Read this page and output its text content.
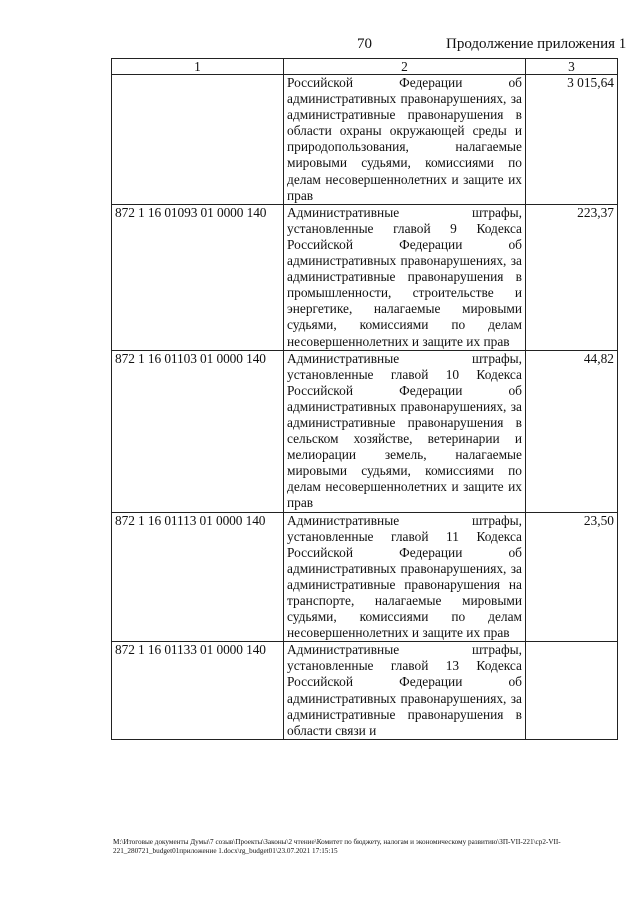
70	Продолжение приложения 1
1	2	3

	Российской Федерации об административных правонарушениях, за административные правонарушения в области охраны окружающей среды и природопользования, налагаемые мировыми судьями, комиссиями по делам несовершеннолетних и защите их прав	3 015,64
872 1 16 01093 01 0000 140	Административные штрафы, установленные главой 9 Кодекса Российской Федерации об административных правонарушениях, за административные правонарушения в промышленности, строительстве и энергетике, налагаемые мировыми судьями, комиссиями по делам несовершеннолетних и защите их прав	223,37
872 1 16 01103 01 0000 140	Административные штрафы, установленные главой 10 Кодекса Российской Федерации об административных правонарушениях, за административные правонарушения в сельском хозяйстве, ветеринарии и мелиорации земель, налагаемые мировыми судьями, комиссиями по делам несовершеннолетних и защите их прав	44,82
872 1 16 01113 01 0000 140	Административные штрафы, установленные главой 11 Кодекса Российской Федерации об административных правонарушениях, за административные правонарушения на транспорте, налагаемые мировыми судьями, комиссиями по делам несовершеннолетних и защите их прав	23,50
872 1 16 01133 01 0000 140	Административные штрафы, установленные главой 13 Кодекса Российской Федерации об административных правонарушениях, за административные правонарушения в области связи и	

M:\Итоговые документы Думы\7 созыв\Проекты\Законы\2 чтение\Комитет по бюджету, налогам и экономическому развитию\ЗП-VII-221\ср2-VII-
221_280721_budget01приложение 1.docx\rg_budget01\23.07.2021 17:15:15
